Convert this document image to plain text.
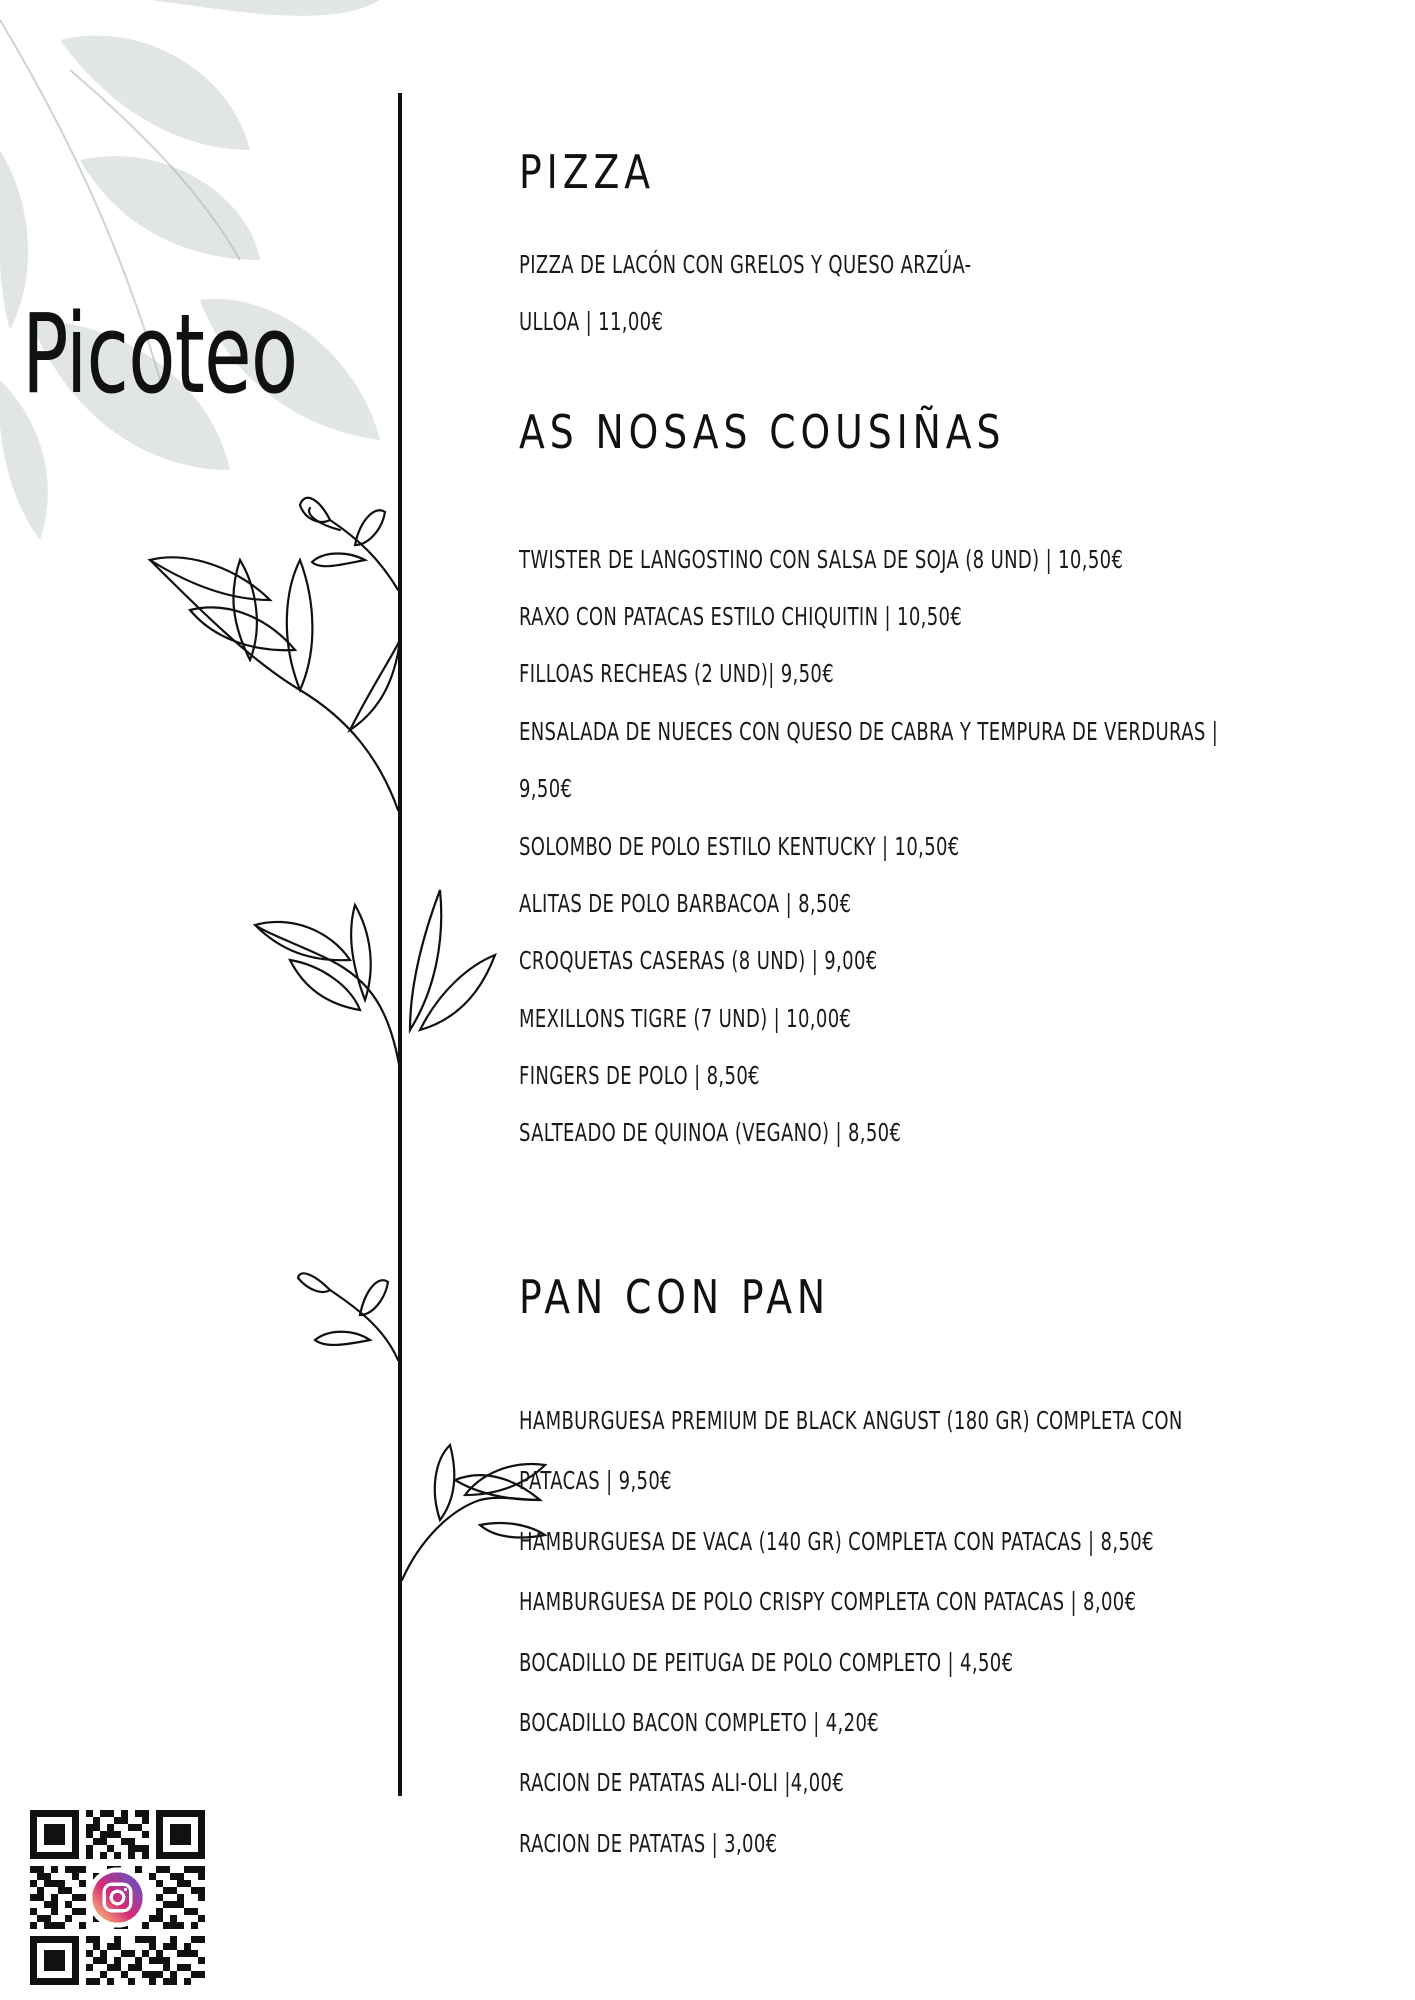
Picoteo
PIZZA

PIZZA DE LACÓN CON GRELOS Y QUESO ARZÚA-

ULLOA | 11,00€

AS NOSAS COUSIÑAS

TWISTER DE LANGOSTINO CON SALSA DE SOJA (8 UND) | 10,50€

RAXO CON PATACAS ESTILO CHIQUITIN | 10,50€

FILLOAS RECHEAS (2 UND)| 9,50€

ENSALADA DE NUECES CON QUESO DE CABRA Y TEMPURA DE VERDURAS |

9,50€

SOLOMBO DE POLO ESTILO KENTUCKY | 10,50€

ALITAS DE POLO BARBACOA | 8,50€

CROQUETAS CASERAS (8 UND) | 9,00€

MEXILLONS TIGRE (7 UND) | 10,00€

FINGERS DE POLO | 8,50€

SALTEADO DE QUINOA (VEGANO) | 8,50€

PAN CON PAN

HAMBURGUESA PREMIUM DE BLACK ANGUST (180 GR) COMPLETA CON

PATACAS | 9,50€

HAMBURGUESA DE VACA (140 GR) COMPLETA CON PATACAS | 8,50€

HAMBURGUESA DE POLO CRISPY COMPLETA CON PATACAS | 8,00€

BOCADILLO DE PEITUGA DE POLO COMPLETO | 4,50€

BOCADILLO BACON COMPLETO | 4,20€

RACION DE PATATAS ALI-OLI |4,00€

RACION DE PATATAS | 3,00€
